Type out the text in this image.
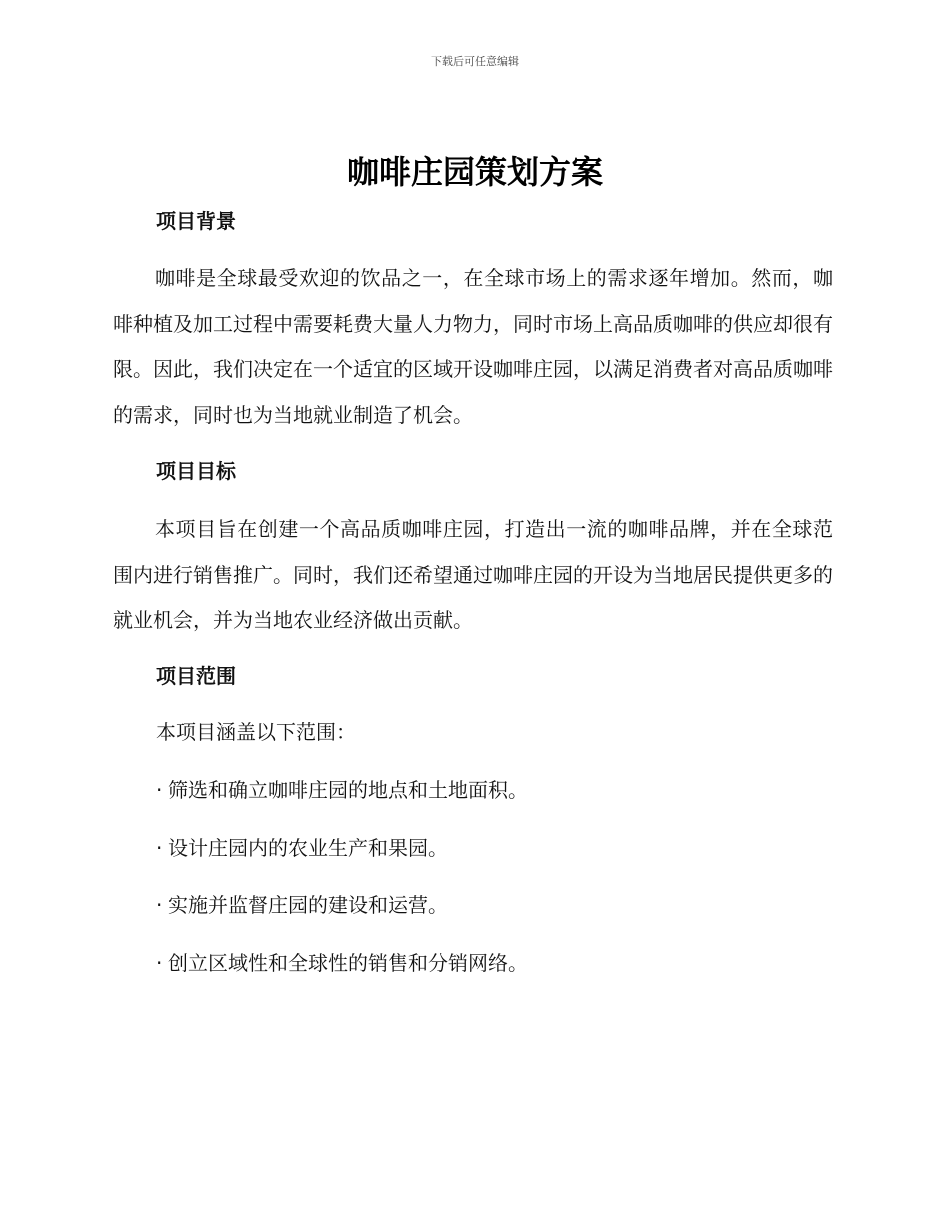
下载后可任意编辑
咖啡庄园策划方案
项目背景

咖啡是全球最受欢迎的饮品之一，在全球市场上的需求逐年增加。然而，咖啡种植及加工过程中需要耗费大量人力物力，同时市场上高品质咖啡的供应却很有限。因此，我们决定在一个适宜的区域开设咖啡庄园，以满足消费者对高品质咖啡的需求，同时也为当地就业制造了机会。

项目目标

本项目旨在创建一个高品质咖啡庄园，打造出一流的咖啡品牌，并在全球范围内进行销售推广。同时，我们还希望通过咖啡庄园的开设为当地居民提供更多的就业机会，并为当地农业经济做出贡献。

项目范围

本项目涵盖以下范围：

· 筛选和确立咖啡庄园的地点和土地面积。

· 设计庄园内的农业生产和果园。

· 实施并监督庄园的建设和运营。

· 创立区域性和全球性的销售和分销网络。
